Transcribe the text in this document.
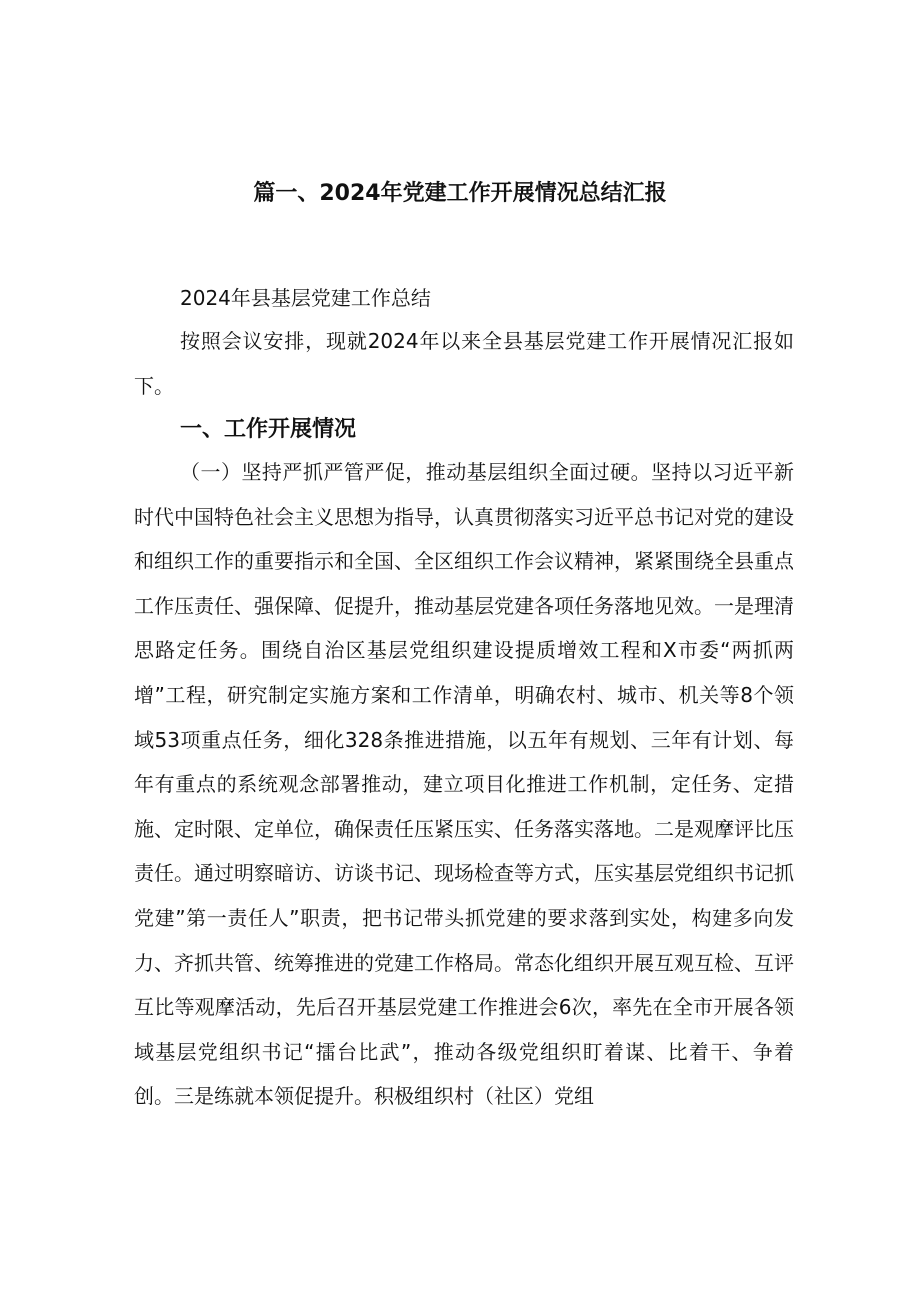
篇一、2024年党建工作开展情况总结汇报

2024年县基层党建工作总结

按照会议安排，现就2024年以来全县基层党建工作开展情况汇报如下。

一、工作开展情况

（一）坚持严抓严管严促，推动基层组织全面过硬。坚持以习近平新时代中国特色社会主义思想为指导，认真贯彻落实习近平总书记对党的建设和组织工作的重要指示和全国、全区组织工作会议精神，紧紧围绕全县重点工作压责任、强保障、促提升，推动基层党建各项任务落地见效。一是理清思路定任务。围绕自治区基层党组织建设提质增效工程和X市委“两抓两增”工程，研究制定实施方案和工作清单，明确农村、城市、机关等8个领域53项重点任务，细化328条推进措施，以五年有规划、三年有计划、每年有重点的系统观念部署推动，建立项目化推进工作机制，定任务、定措施、定时限、定单位，确保责任压紧压实、任务落实落地。二是观摩评比压责任。通过明察暗访、访谈书记、现场检查等方式，压实基层党组织书记抓党建”第一责任人”职责，把书记带头抓党建的要求落到实处，构建多向发力、齐抓共管、统筹推进的党建工作格局。常态化组织开展互观互检、互评互比等观摩活动，先后召开基层党建工作推进会6次，率先在全市开展各领域基层党组织书记“擂台比武”，推动各级党组织盯着谋、比着干、争着创。三是练就本领促提升。积极组织村（社区）党组
